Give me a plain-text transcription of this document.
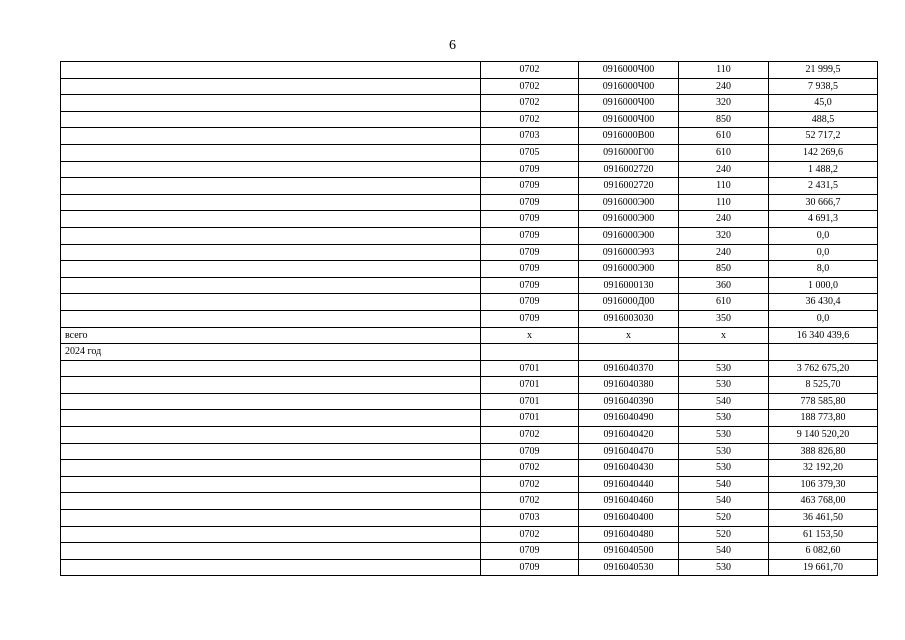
6
	0702	0916000Ч00	110	21 999,5
	0702	0916000Ч00	240	7 938,5
	0702	0916000Ч00	320	45,0
	0702	0916000Ч00	850	488,5
	0703	0916000В00	610	52 717,2
	0705	0916000Г00	610	142 269,6
	0709	0916002720	240	1 488,2
	0709	0916002720	110	2 431,5
	0709	0916000Э00	110	30 666,7
	0709	0916000Э00	240	4 691,3
	0709	0916000Э00	320	0,0
	0709	0916000Э93	240	0,0
	0709	0916000Э00	850	8,0
	0709	0916000130	360	1 000,0
	0709	0916000Д00	610	36 430,4
	0709	0916003030	350	0,0
всего	х	х	х	16 340 439,6
2024 год				
	0701	0916040370	530	3 762 675,20
	0701	0916040380	530	8 525,70
	0701	0916040390	540	778 585,80
	0701	0916040490	530	188 773,80
	0702	0916040420	530	9 140 520,20
	0709	0916040470	530	388 826,80
	0702	0916040430	530	32 192,20
	0702	0916040440	540	106 379,30
	0702	0916040460	540	463 768,00
	0703	0916040400	520	36 461,50
	0702	0916040480	520	61 153,50
	0709	0916040500	540	6 082,60
	0709	0916040530	530	19 661,70
